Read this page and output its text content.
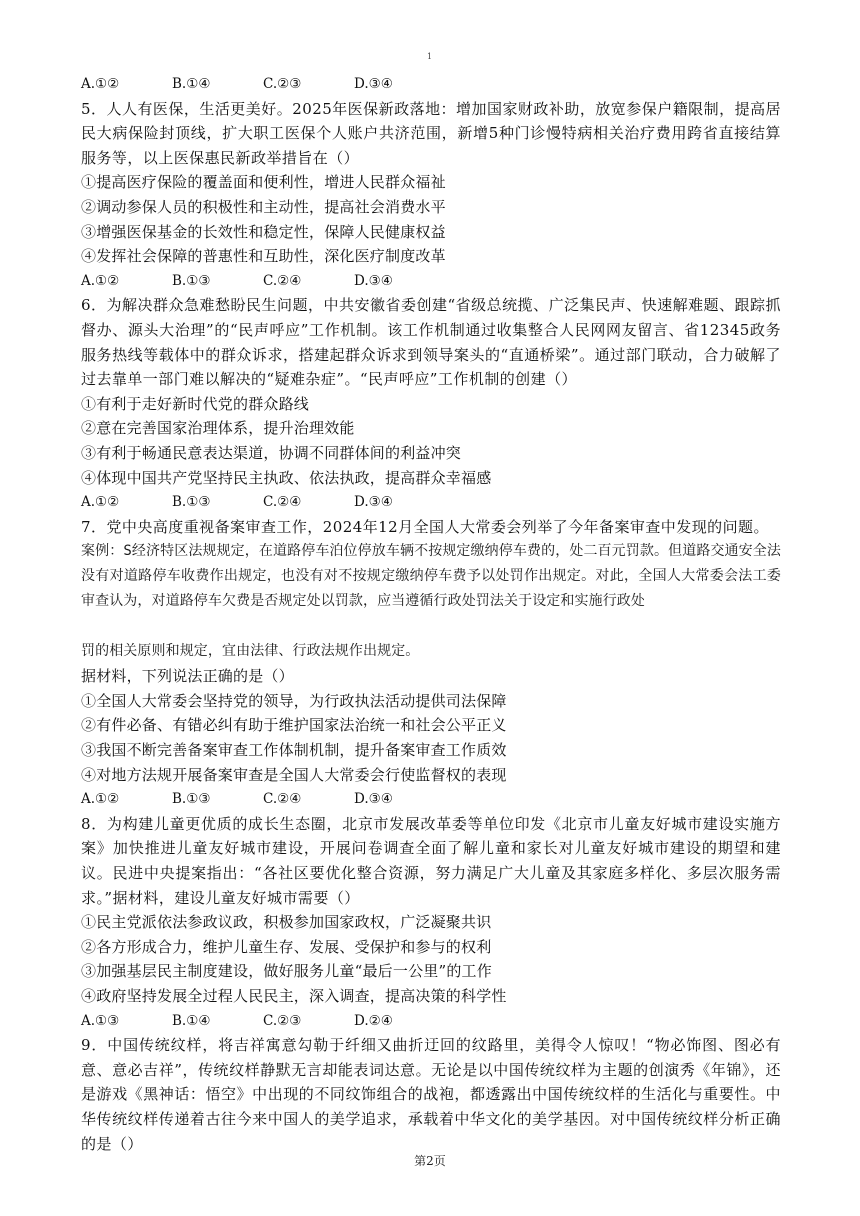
1
A.①②	B.①④	C.②③	D.③④
5．人人有医保，生活更美好。2025年医保新政落地：增加国家财政补助，放宽参保户籍限制，提高居民大病保险封顶线，扩大职工医保个人账户共济范围，新增5种门诊慢特病相关治疗费用跨省直接结算服务等，以上医保惠民新政举措旨在（）
①提高医疗保险的覆盖面和便利性，增进人民群众福祉
②调动参保人员的积极性和主动性，提高社会消费水平
③增强医保基金的长效性和稳定性，保障人民健康权益
④发挥社会保障的普惠性和互助性，深化医疗制度改革
A.①②	B.①③	C.②④	D.③④
6．为解决群众急难愁盼民生问题，中共安徽省委创建“省级总统揽、广泛集民声、快速解难题、跟踪抓督办、源头大治理”的“民声呼应”工作机制。该工作机制通过收集整合人民网网友留言、省12345政务服务热线等载体中的群众诉求，搭建起群众诉求到领导案头的“直通桥梁”。通过部门联动，合力破解了过去靠单一部门难以解决的“疑难杂症”。“民声呼应”工作机制的创建（）
①有利于走好新时代党的群众路线
②意在完善国家治理体系，提升治理效能
③有利于畅通民意表达渠道，协调不同群体间的利益冲突
④体现中国共产党坚持民主执政、依法执政，提高群众幸福感
A.①②	B.①③	C.②④	D.③④
7．党中央高度重视备案审查工作，2024年12月全国人大常委会列举了今年备案审查中发现的问题。
案例：S经济特区法规规定，在道路停车泊位停放车辆不按规定缴纳停车费的，处二百元罚款。但道路交通安全法没有对道路停车收费作出规定，也没有对不按规定缴纳停车费予以处罚作出规定。对此，全国人大常委会法工委审查认为，对道路停车欠费是否规定处以罚款，应当遵循行政处罚法关于设定和实施行政处
罚的相关原则和规定，宜由法律、行政法规作出规定。
据材料，下列说法正确的是（）
①全国人大常委会坚持党的领导，为行政执法活动提供司法保障
②有件必备、有错必纠有助于维护国家法治统一和社会公平正义
③我国不断完善备案审查工作体制机制，提升备案审查工作质效
④对地方法规开展备案审查是全国人大常委会行使监督权的表现
A.①②	B.①③	C.②④	D.③④
8．为构建儿童更优质的成长生态圈，北京市发展改革委等单位印发《北京市儿童友好城市建设实施方案》加快推进儿童友好城市建设，开展问卷调查全面了解儿童和家长对儿童友好城市建设的期望和建议。民进中央提案指出：“各社区要优化整合资源，努力满足广大儿童及其家庭多样化、多层次服务需求。”据材料，建设儿童友好城市需要（）
①民主党派依法参政议政，积极参加国家政权，广泛凝聚共识
②各方形成合力，维护儿童生存、发展、受保护和参与的权利
③加强基层民主制度建设，做好服务儿童“最后一公里”的工作
④政府坚持发展全过程人民民主，深入调查，提高决策的科学性
A.①③	B.①④	C.②③	D.②④
9．中国传统纹样，将吉祥寓意勾勒于纤细又曲折迂回的纹路里，美得令人惊叹！“物必饰图、图必有意、意必吉祥”，传统纹样静默无言却能表词达意。无论是以中国传统纹样为主题的创演秀《年锦》，还是游戏《黑神话：悟空》中出现的不同纹饰组合的战袍，都透露出中国传统纹样的生活化与重要性。中华传统纹样传递着古往今来中国人的美学追求，承载着中华文化的美学基因。对中国传统纹样分析正确的是（）
第2页
